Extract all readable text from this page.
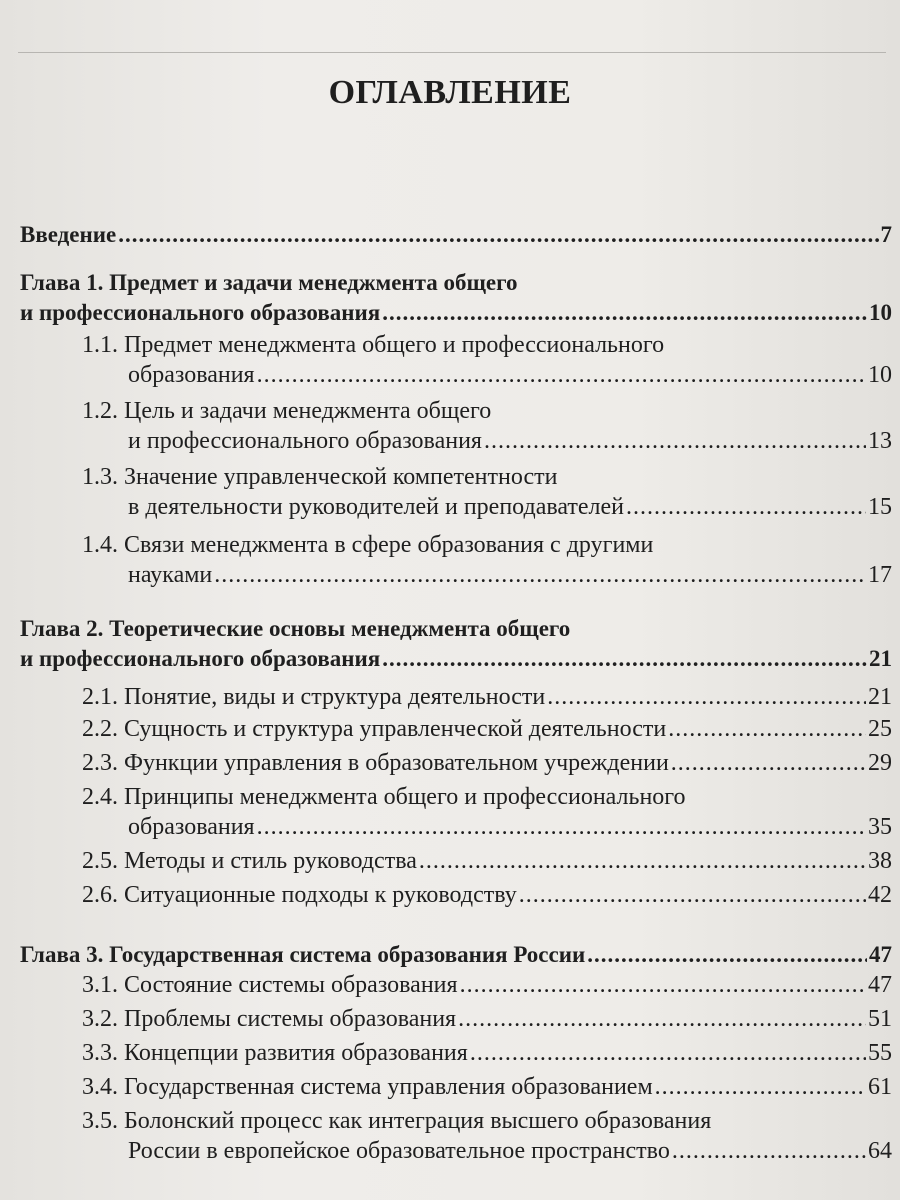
ОГЛАВЛЕНИЕ
Введение .....	7
Глава 1. Предмет и задачи менеджмента общего
и профессионального образования .....	10
1.1. Предмет менеджмента общего и профессионального
образования .....	10
1.2. Цель и задачи менеджмента общего
и профессионального образования .....	13
1.3. Значение управленческой компетентности
в деятельности руководителей и преподавателей .....	15
1.4. Связи менеджмента в сфере образования с другими
науками .....	17
Глава 2. Теоретические основы менеджмента общего
и профессионального образования .....	21
2.1. Понятие, виды и структура деятельности .....	21
2.2. Сущность и структура управленческой деятельности .....	25
2.3. Функции управления в образовательном учреждении .....	29
2.4. Принципы менеджмента общего и профессионального
образования .....	35
2.5. Методы и стиль руководства .....	38
2.6. Ситуационные подходы к руководству .....	42
Глава 3. Государственная система образования России .....	47
3.1. Состояние системы образования .....	47
3.2. Проблемы системы образования .....	51
3.3. Концепции развития образования .....	55
3.4. Государственная система управления образованием .....	61
3.5. Болонский процесс как интеграция высшего образования
России в европейское образовательное пространство .....	64
